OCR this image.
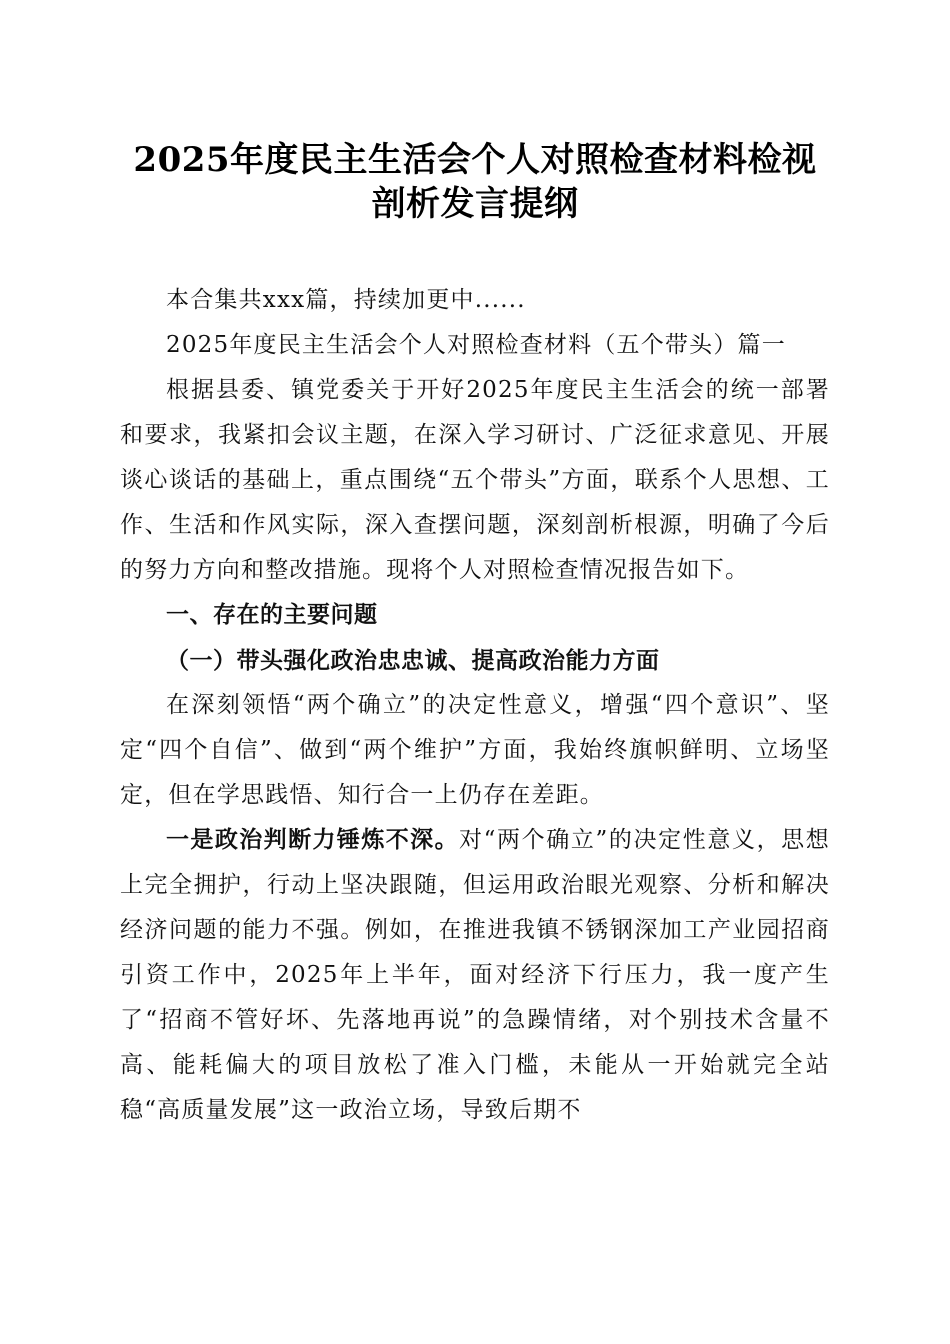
2025年度民主生活会个人对照检查材料检视
剖析发言提纲

本合集共xxx篇，持续加更中......

2025年度民主生活会个人对照检查材料（五个带头）篇一

根据县委、镇党委关于开好2025年度民主生活会的统一部署和要求，我紧扣会议主题，在深入学习研讨、广泛征求意见、开展谈心谈话的基础上，重点围绕“五个带头”方面，联系个人思想、工作、生活和作风实际，深入查摆问题，深刻剖析根源，明确了今后的努力方向和整改措施。现将个人对照检查情况报告如下。

一、存在的主要问题

（一）带头强化政治忠忠诚、提高政治能力方面

在深刻领悟“两个确立”的决定性意义，增强“四个意识”、坚定“四个自信”、做到“两个维护”方面，我始终旗帜鲜明、立场坚定，但在学思践悟、知行合一上仍存在差距。

一是政治判断力锤炼不深。对“两个确立”的决定性意义，思想上完全拥护，行动上坚决跟随，但运用政治眼光观察、分析和解决经济问题的能力不强。例如，在推进我镇不锈钢深加工产业园招商引资工作中，2025年上半年，面对经济下行压力，我一度产生了“招商不管好坏、先落地再说”的急躁情绪，对个别技术含量不高、能耗偏大的项目放松了准入门槛，未能从一开始就完全站稳“高质量发展”这一政治立场，导致后期不
